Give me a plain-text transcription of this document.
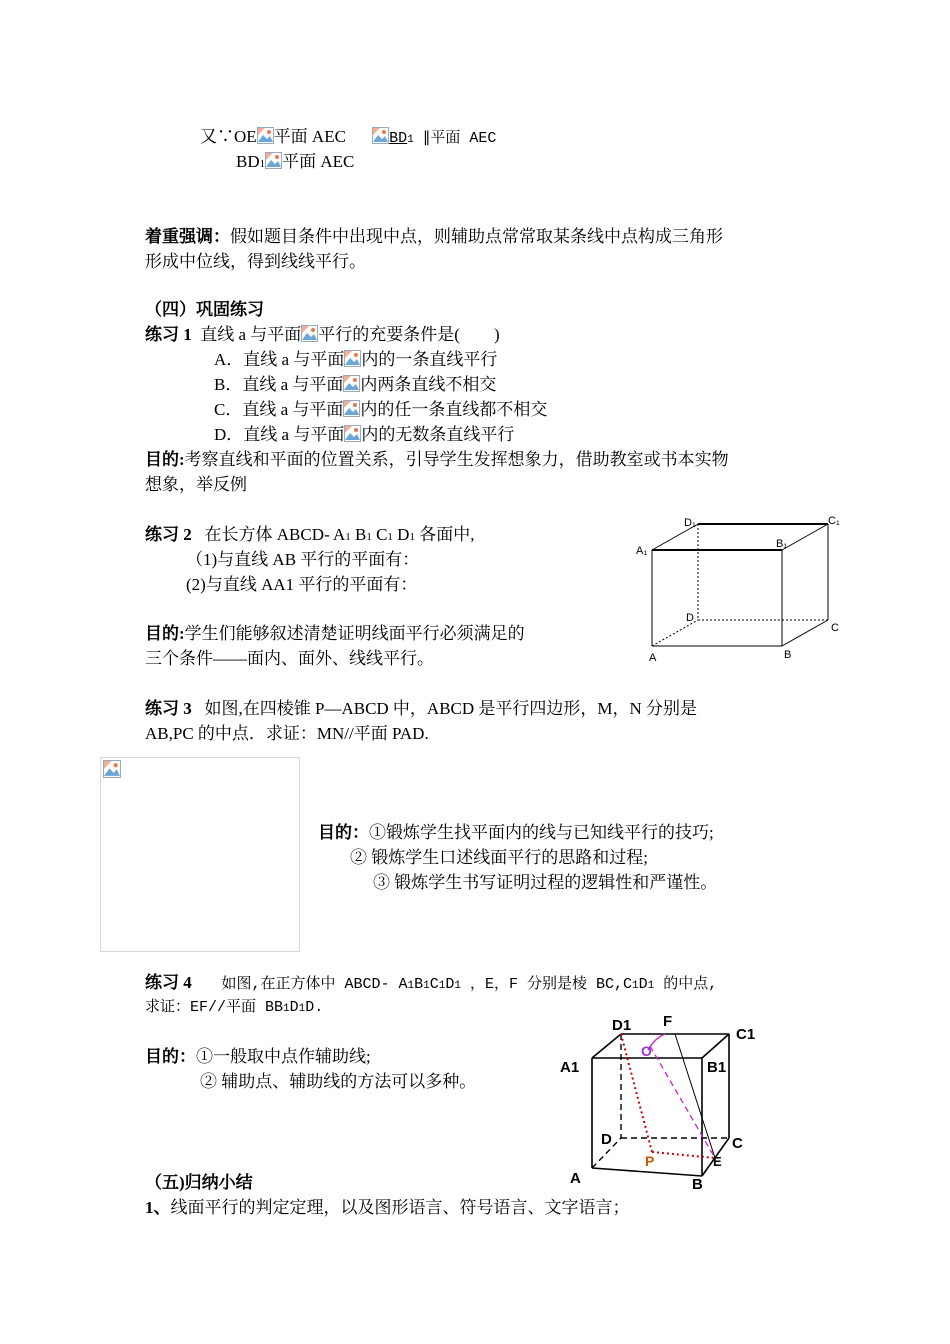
又∵OE 平面 AEC	BD1 ∥平面 AEC
BD1 平面 AEC
着重强调：假如题目条件中出现中点，则辅助点常常取某条线中点构成三角形
形成中位线，得到线线平行。
（四）巩固练习
练习 1 直线 a 与平面 平行的充要条件是(　　)
A．直线 a 与平面 内的一条直线平行
B．直线 a 与平面 内两条直线不相交
C．直线 a 与平面 内的任一条直线都不相交
D．直线 a 与平面 内的无数条直线平行
目的:考察直线和平面的位置关系，引导学生发挥想象力，借助教室或书本实物
想象，举反例
练习 2 在长方体 ABCD- A1 B1 C1 D1 各面中,
（1)与直线 AB 平行的平面有：
(2)与直线 AA1 平行的平面有：
目的:学生们能够叙述清楚证明线面平行必须满足的
三个条件——面内、面外、线线平行。
D₁	C₁
A₁
B₁
D
C
A	B
练习 3 如图,在四棱锥 P—ABCD 中，ABCD 是平行四边形，M，N 分别是
AB,PC 的中点．求证：MN//平面 PAD.
目的：①锻炼学生找平面内的线与已知线平行的技巧;
② 锻炼学生口述线面平行的思路和过程;
③ 锻炼学生书写证明过程的逻辑性和严谨性。
练习 4 如图,在正方体中 ABCD- A1B1C1D1 ，E，F 分别是棱 BC,C1D1 的中点,
求证：EF//平面 BB1D1D.
目的：①一般取中点作辅助线;
② 辅助点、辅助线的方法可以多种。
D1 F
C1
A1	B1
D	C
E
A	B
O
P
（五)归纳小结
1、线面平行的判定定理，以及图形语言、符号语言、文字语言；
